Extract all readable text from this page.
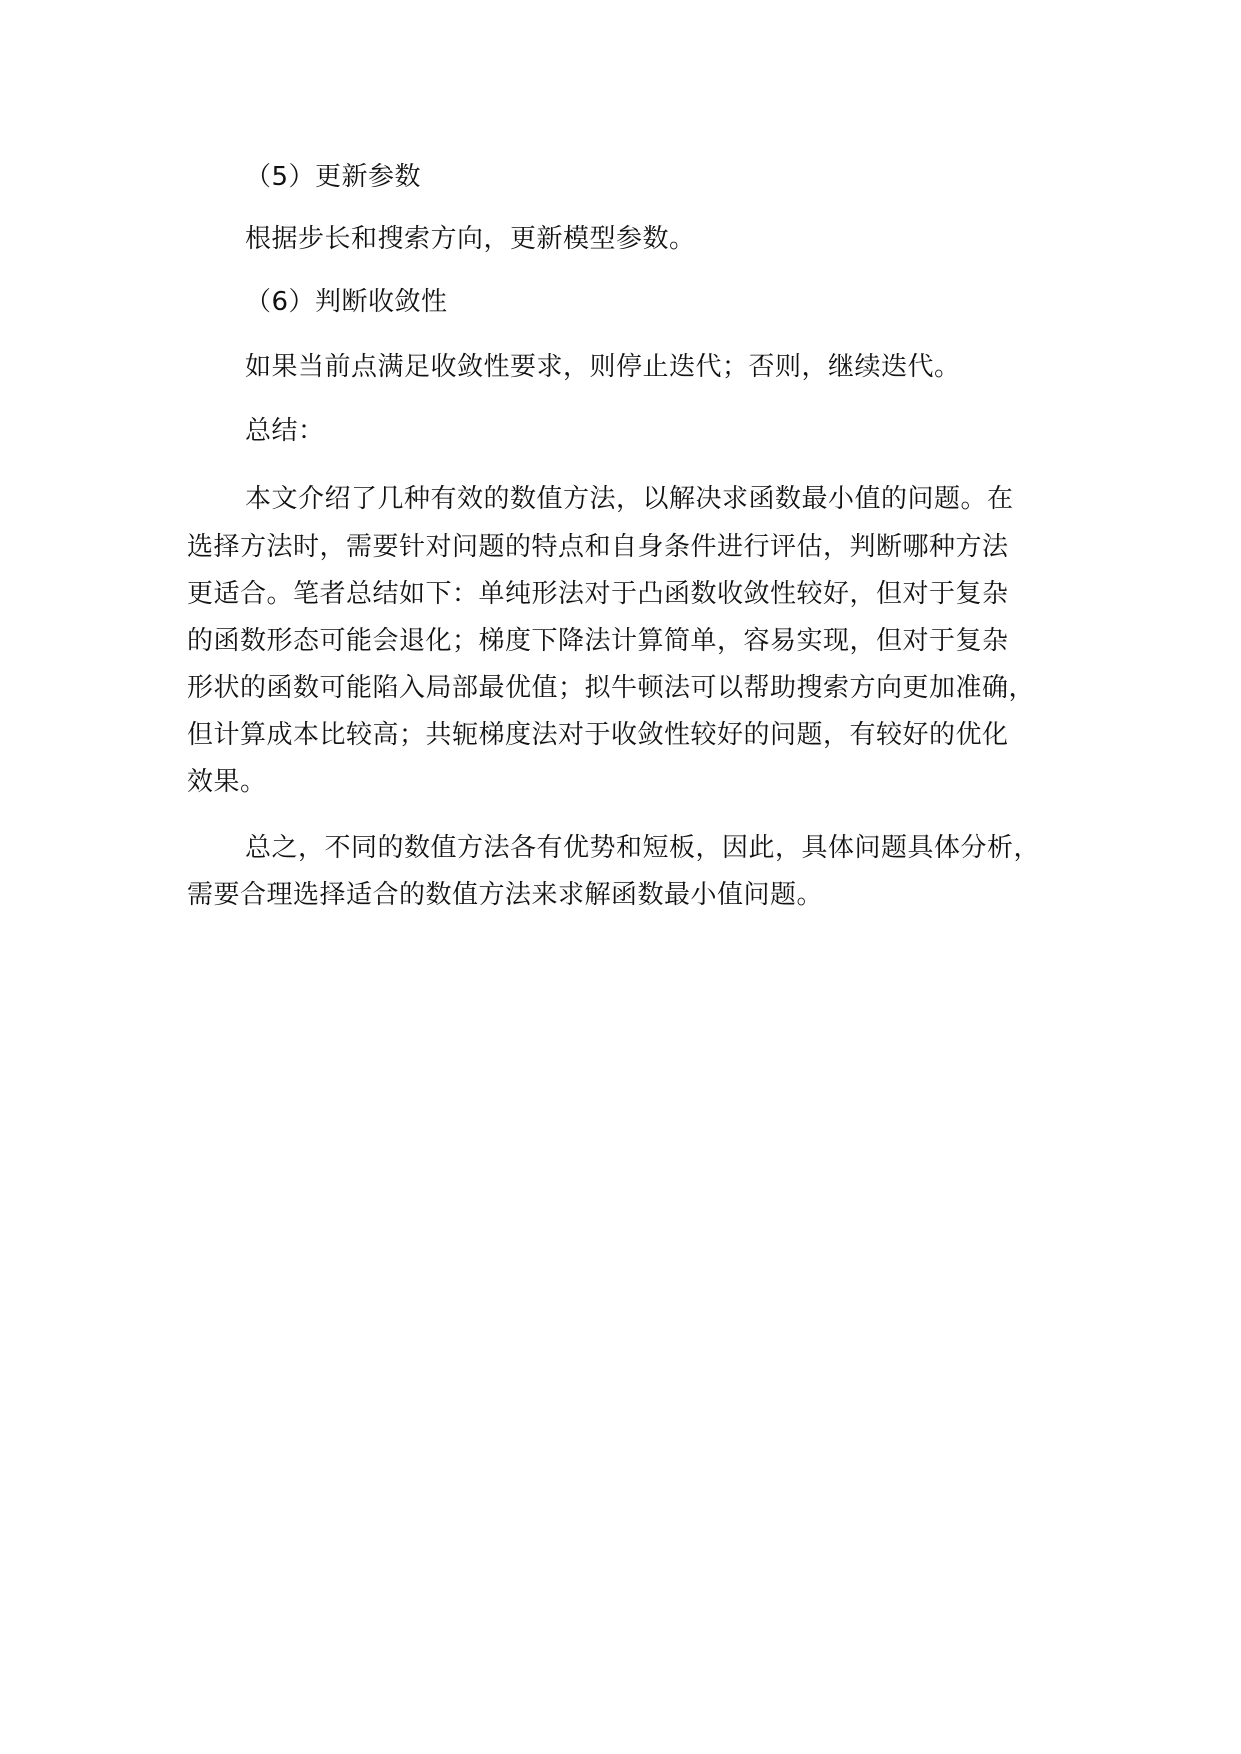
（5）更新参数
根据步长和搜索方向，更新模型参数。
（6）判断收敛性
如果当前点满足收敛性要求，则停止迭代；否则，继续迭代。
总结：
本文介绍了几种有效的数值方法，以解决求函数最小值的问题。在
选择方法时，需要针对问题的特点和自身条件进行评估，判断哪种方法
更适合。笔者总结如下：单纯形法对于凸函数收敛性较好，但对于复杂
的函数形态可能会退化；梯度下降法计算简单，容易实现，但对于复杂
形状的函数可能陷入局部最优值；拟牛顿法可以帮助搜索方向更加准确，
但计算成本比较高；共轭梯度法对于收敛性较好的问题，有较好的优化
效果。
总之，不同的数值方法各有优势和短板，因此，具体问题具体分析，
需要合理选择适合的数值方法来求解函数最小值问题。
